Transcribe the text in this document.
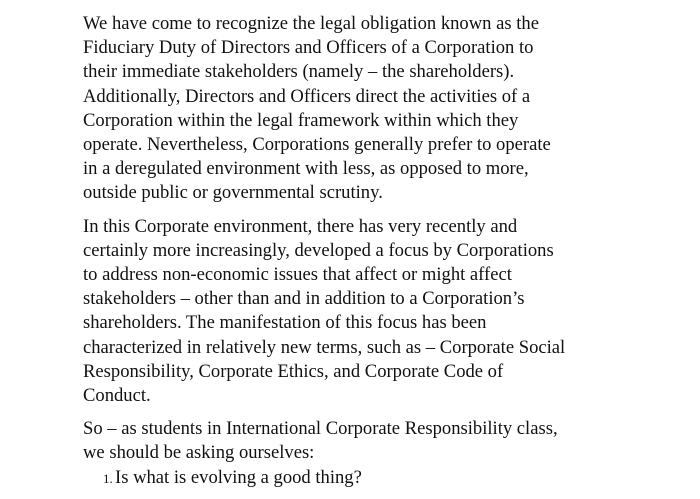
We have come to recognize the legal obligation known as the
Fiduciary Duty of Directors and Officers of a Corporation to
their immediate stakeholders (namely – the shareholders).
Additionally, Directors and Officers direct the activities of a
Corporation within the legal framework within which they
operate. Nevertheless, Corporations generally prefer to operate
in a deregulated environment with less, as opposed to more,
outside public or governmental scrutiny.

In this Corporate environment, there has very recently and
certainly more increasingly, developed a focus by Corporations
to address non-economic issues that affect or might affect
stakeholders – other than and in addition to a Corporation’s
shareholders. The manifestation of this focus has been
characterized in relatively new terms, such as – Corporate Social
Responsibility, Corporate Ethics, and Corporate Code of
Conduct.

So – as students in International Corporate Responsibility class,
we should be asking ourselves:

1. Is what is evolving a good thing?
